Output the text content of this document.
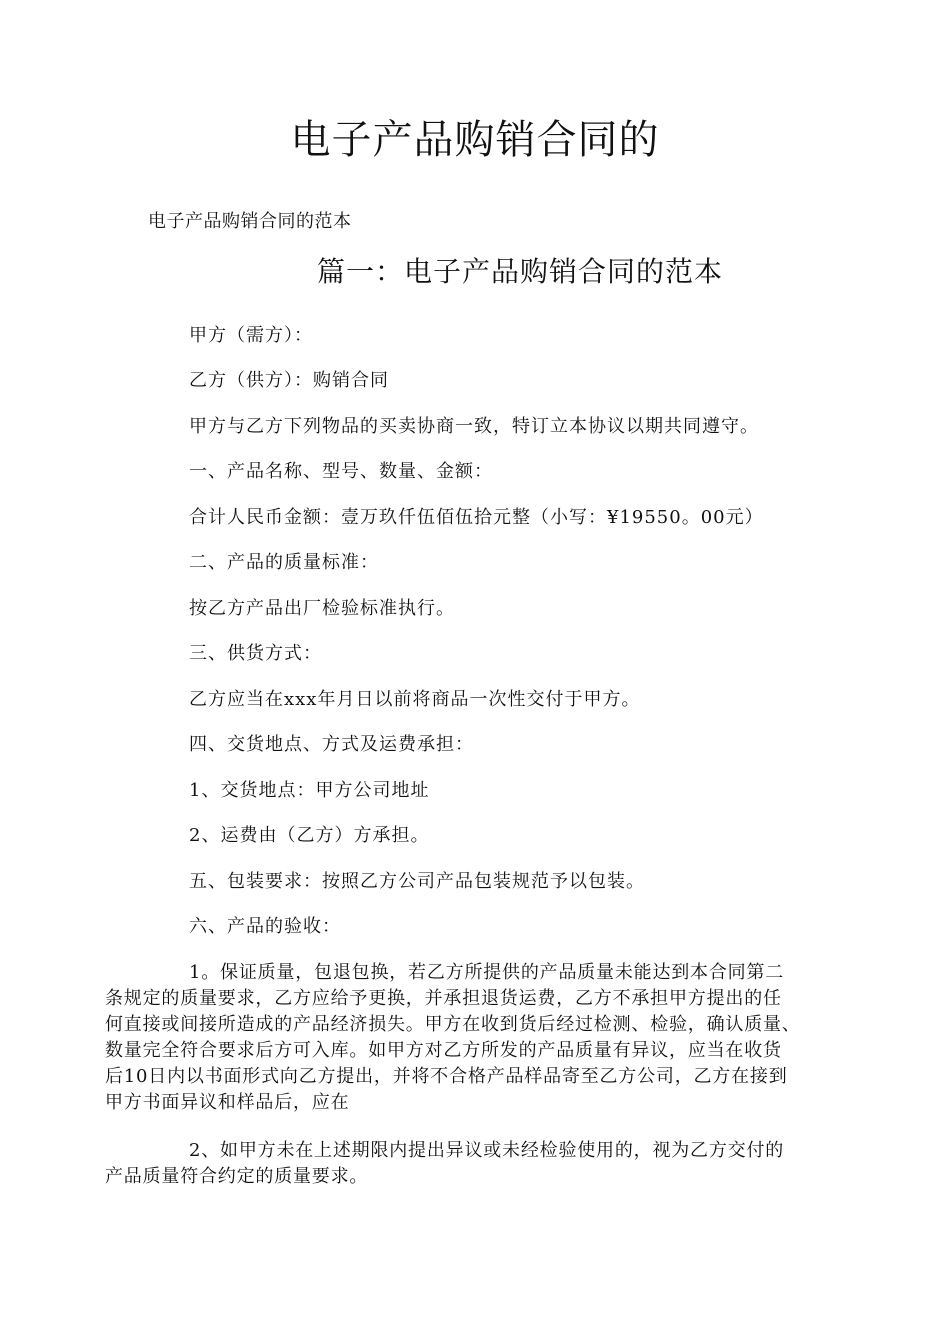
电子产品购销合同的
电子产品购销合同的范本
篇一：电子产品购销合同的范本
甲方（需方）：
乙方（供方）：购销合同
甲方与乙方下列物品的买卖协商一致，特订立本协议以期共同遵守。
一、产品名称、型号、数量、金额：
合计人民币金额：壹万玖仟伍佰伍拾元整（小写：¥19550。00元）
二、产品的质量标准：
按乙方产品出厂检验标准执行。
三、供货方式：
乙方应当在xxx年月日以前将商品一次性交付于甲方。
四、交货地点、方式及运费承担：
1、交货地点：甲方公司地址
2、运费由（乙方）方承担。
五、包装要求：按照乙方公司产品包装规范予以包装。
六、产品的验收：
1。保证质量，包退包换，若乙方所提供的产品质量未能达到本合同第二
条规定的质量要求，乙方应给予更换，并承担退货运费，乙方不承担甲方提出的任
何直接或间接所造成的产品经济损失。甲方在收到货后经过检测、检验，确认质量、
数量完全符合要求后方可入库。如甲方对乙方所发的产品质量有异议，应当在收货
后10日内以书面形式向乙方提出，并将不合格产品样品寄至乙方公司，乙方在接到
甲方书面异议和样品后，应在
2、如甲方未在上述期限内提出异议或未经检验使用的，视为乙方交付的
产品质量符合约定的质量要求。
